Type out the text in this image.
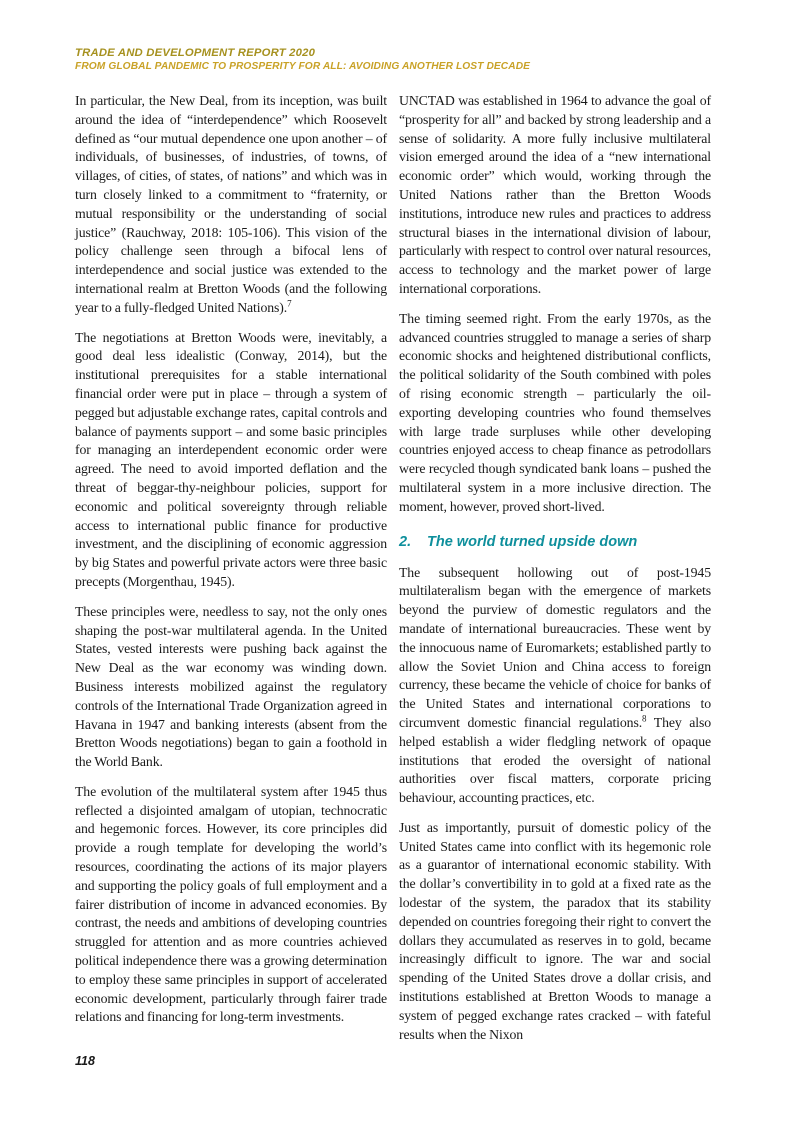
TRADE AND DEVELOPMENT REPORT 2020
FROM GLOBAL PANDEMIC TO PROSPERITY FOR ALL: AVOIDING ANOTHER LOST DECADE

In particular, the New Deal, from its inception, was built around the idea of “interdependence” which Roosevelt defined as “our mutual dependence one upon another – of individuals, of businesses, of industries, of towns, of villages, of cities, of states, of nations” and which was in turn closely linked to a commitment to “fraternity, or mutual responsibility or the understanding of social justice” (Rauchway, 2018: 105-106). This vision of the policy challenge seen through a bifocal lens of interdependence and social justice was extended to the international realm at Bretton Woods (and the following year to a fully-fledged United Nations).$^7$

The negotiations at Bretton Woods were, inevitably, a good deal less idealistic (Conway, 2014), but the institutional prerequisites for a stable international financial order were put in place – through a system of pegged but adjustable exchange rates, capital controls and balance of payments support – and some basic principles for managing an interdependent economic order were agreed. The need to avoid imported deflation and the threat of beggar-thy-neighbour policies, support for economic and political sovereignty through reliable access to international public finance for productive investment, and the disciplining of economic aggression by big States and powerful private actors were three basic precepts (Morgenthau, 1945).

These principles were, needless to say, not the only ones shaping the post-war multilateral agenda. In the United States, vested interests were pushing back against the New Deal as the war economy was winding down. Business interests mobilized against the regulatory controls of the International Trade Organization agreed in Havana in 1947 and banking interests (absent from the Bretton Woods negotiations) began to gain a foothold in the World Bank.

The evolution of the multilateral system after 1945 thus reflected a disjointed amalgam of utopian, technocratic and hegemonic forces. However, its core principles did provide a rough template for developing the world’s resources, coordinating the actions of its major players and supporting the policy goals of full employment and a fairer distribution of income in advanced economies. By contrast, the needs and ambitions of developing countries struggled for attention and as more countries achieved political independence there was a growing determination to employ these same principles in support of accelerated economic development, particularly through fairer trade relations and financing for long-term investments.

UNCTAD was established in 1964 to advance the goal of “prosperity for all” and backed by strong leadership and a sense of solidarity. A more fully inclusive multilateral vision emerged around the idea of a “new international economic order” which would, working through the United Nations rather than the Bretton Woods institutions, introduce new rules and practices to address structural biases in the international division of labour, particularly with respect to control over natural resources, access to technology and the market power of large international corporations.

The timing seemed right. From the early 1970s, as the advanced countries struggled to manage a series of sharp economic shocks and heightened distributional conflicts, the political solidarity of the South combined with poles of rising economic strength – particularly the oil-exporting developing countries who found themselves with large trade surpluses while other developing countries enjoyed access to cheap finance as petrodollars were recycled though syndicated bank loans – pushed the multilateral system in a more inclusive direction. The moment, however, proved short-lived.

2.	The world turned upside down

The subsequent hollowing out of post-1945 multilateralism began with the emergence of markets beyond the purview of domestic regulators and the mandate of international bureaucracies. These went by the innocuous name of Euromarkets; established partly to allow the Soviet Union and China access to foreign currency, these became the vehicle of choice for banks of the United States and international corporations to circumvent domestic financial regulations.$^8$ They also helped establish a wider fledgling network of opaque institutions that eroded the oversight of national authorities over fiscal matters, corporate pricing behaviour, accounting practices, etc.

Just as importantly, pursuit of domestic policy of the United States came into conflict with its hegemonic role as a guarantor of international economic stability. With the dollar’s convertibility in to gold at a fixed rate as the lodestar of the system, the paradox that its stability depended on countries foregoing their right to convert the dollars they accumulated as reserves in to gold, became increasingly difficult to ignore. The war and social spending of the United States drove a dollar crisis, and institutions established at Bretton Woods to manage a system of pegged exchange rates cracked – with fateful results when the Nixon

118
